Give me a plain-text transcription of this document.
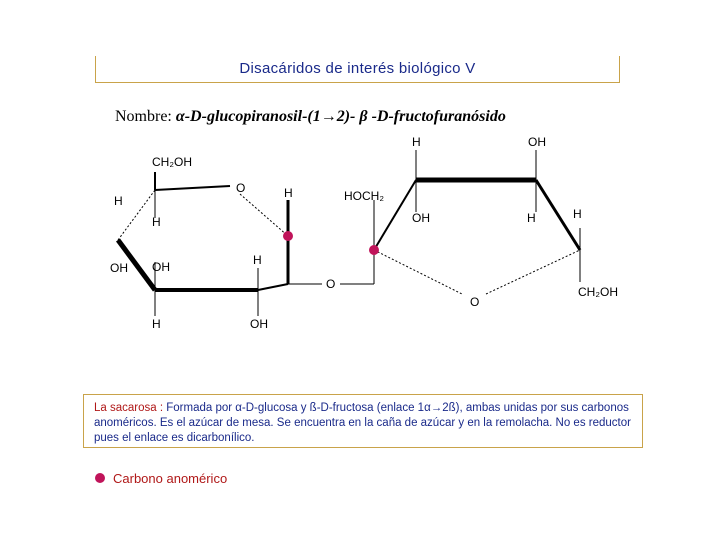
Disacáridos de interés biológico V
Nombre: α-D-glucopiranosil-(1→2)- β -D-fructofuranósido
CH₂OH
O	H
H
H
OH OH	H
H	OH
O
HOCH₂
H	OH
OH	H	H
O
CH₂OH
La sacarosa : Formada por α-D-glucosa y ß-D-fructosa (enlace 1α→2ß), ambas unidas por sus carbonos anoméricos. Es el azúcar de mesa. Se encuentra en la caña de azúcar y en la remolacha. No es reductor pues el enlace es dicarbonílico.
Carbono anomérico
